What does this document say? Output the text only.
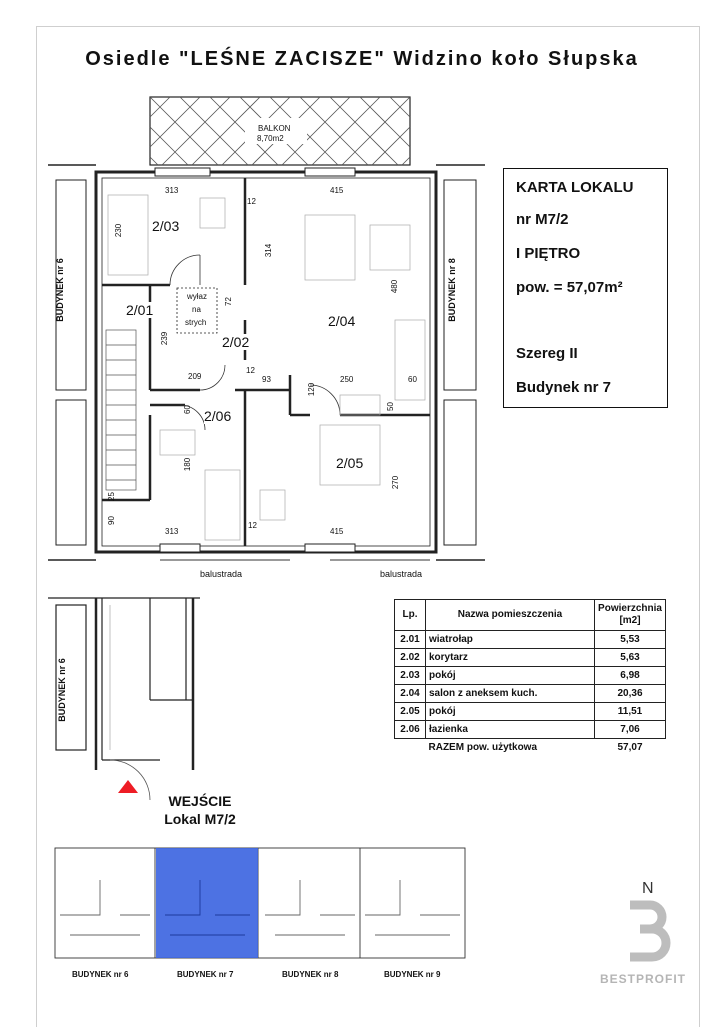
Osiedle "LEŚNE ZACISZE" Widzino koło Słupska
BALKON
8,70m2
BUDYNEK nr 6	BUDYNEK nr 8
2/03
2/01
2/02
2/04
2/06
2/05
wyłaz
na
strych
313	415
12
230
314
72
480
239
209
12
93
120
250	60
60	50
180
270
25
90
313
12
415
balustrada	balustrada
KARTA LOKALU
nr M7/2
I PIĘTRO
pow. = 57,07m²
Szereg II
Budynek nr 7
BUDYNEK nr 6
WEJŚCIE
Lokal M7/2
Lp.	Nazwa pomieszczenia	Powierzchnia [m2]
2.01	wiatrołap	5,53
2.02	korytarz	5,63
2.03	pokój	6,98
2.04	salon z aneksem kuch.	20,36
2.05	pokój	11,51
2.06	łazienka	7,06
	RAZEM pow. użytkowa	57,07
BUDYNEK nr 6	BUDYNEK nr 7	BUDYNEK nr 8	BUDYNEK nr 9
N
BESTPROFIT
